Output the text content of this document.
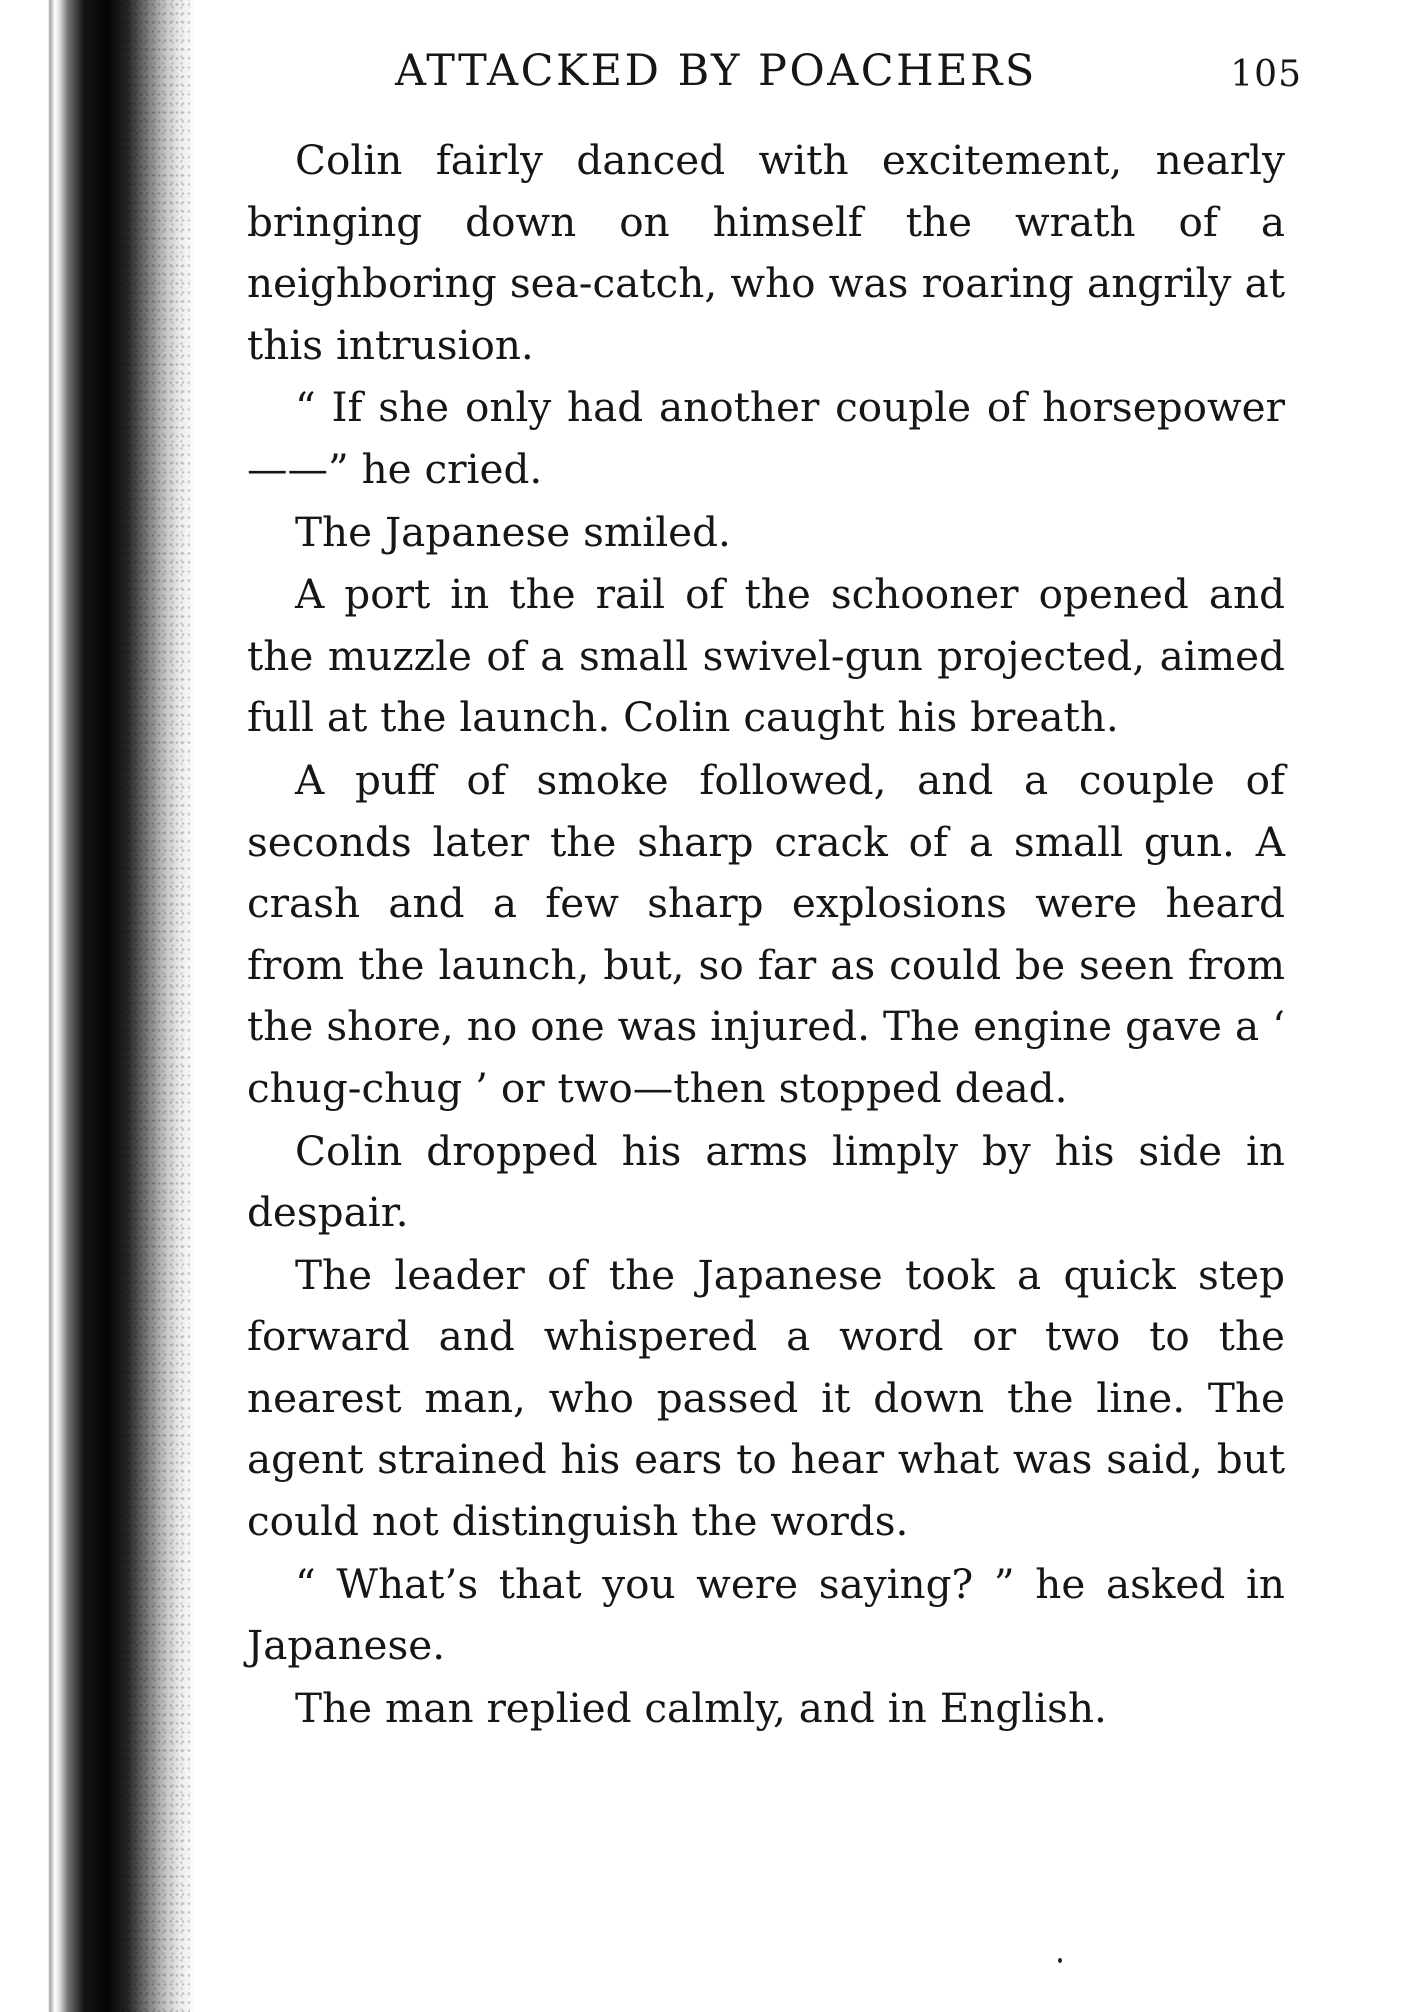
ATTACKED BY POACHERS	105

Colin fairly danced with excitement, nearly bringing down on himself the wrath of a neighboring sea-catch, who was roaring angrily at this intrusion.

“ If she only had another couple of horsepower——” he cried.

The Japanese smiled.

A port in the rail of the schooner opened and the muzzle of a small swivel-gun projected, aimed full at the launch. Colin caught his breath.

A puff of smoke followed, and a couple of seconds later the sharp crack of a small gun. A crash and a few sharp explosions were heard from the launch, but, so far as could be seen from the shore, no one was injured. The engine gave a ‘ chug-chug ’ or two—then stopped dead.

Colin dropped his arms limply by his side in despair.

The leader of the Japanese took a quick step forward and whispered a word or two to the nearest man, who passed it down the line. The agent strained his ears to hear what was said, but could not distinguish the words.

“ What’s that you were saying? ” he asked in Japanese.

The man replied calmly, and in English.
